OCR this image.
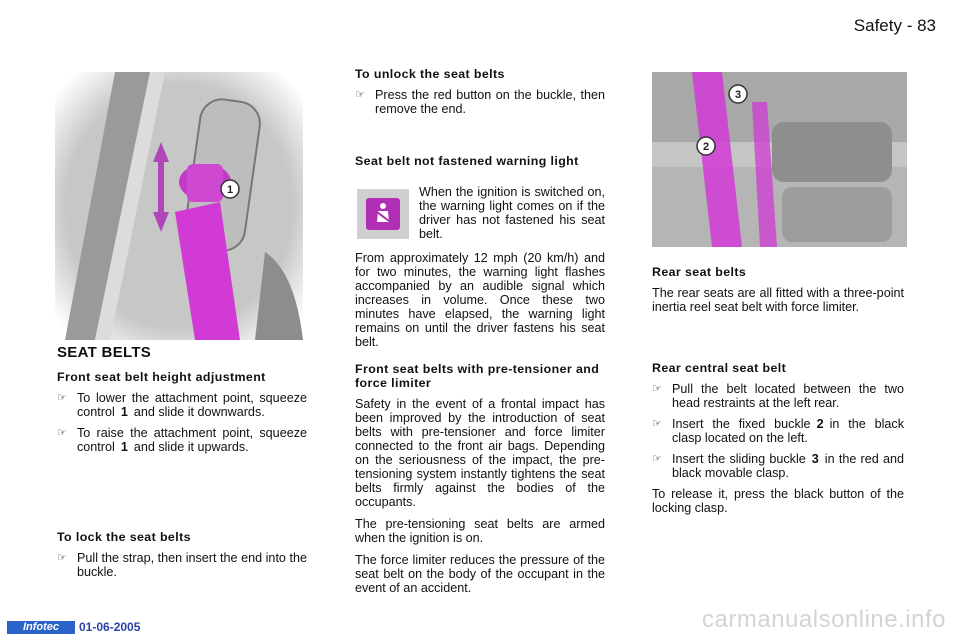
Safety - 83
1
3
2
SEAT BELTS
Front seat belt height adjustment
☞ To lower the attachment point, squeeze control 1 and slide it downwards.
☞ To raise the attachment point, squeeze control 1 and slide it upwards.
To lock the seat belts
☞ Pull the strap, then insert the end into the buckle.
To unlock the seat belts
☞ Press the red button on the buckle, then remove the end.
Seat belt not fastened warning light

When the ignition is switched on, the warning light comes on if the driver has not fastened his seat belt.

From approximately 12 mph (20 km/h) and for two minutes, the warning light flashes accompanied by an audible signal which increases in volume. Once these two minutes have elapsed, the warning light remains on until the driver fastens his seat belt.

Front seat belts with pre-tensioner and force limiter

Safety in the event of a frontal impact has been improved by the introduction of seat belts with pre-tensioner and force limiter connected to the front air bags. Depending on the seriousness of the impact, the pre-tensioning system instantly tightens the seat belts firmly against the bodies of the occupants.

The pre-tensioning seat belts are armed when the ignition is on.

The force limiter reduces the pressure of the seat belt on the body of the occupant in the event of an accident.

Rear seat belts

The rear seats are all fitted with a three-point inertia reel seat belt with force limiter.

Rear central seat belt
☞ Pull the belt located between the two head restraints at the left rear.
☞ Insert the fixed buckle 2 in the black clasp located on the left.
☞ Insert the sliding buckle 3 in the red and black movable clasp.

To release it, press the black button of the locking clasp.

Infotec	01-06-2005	carmanualsonline.info
